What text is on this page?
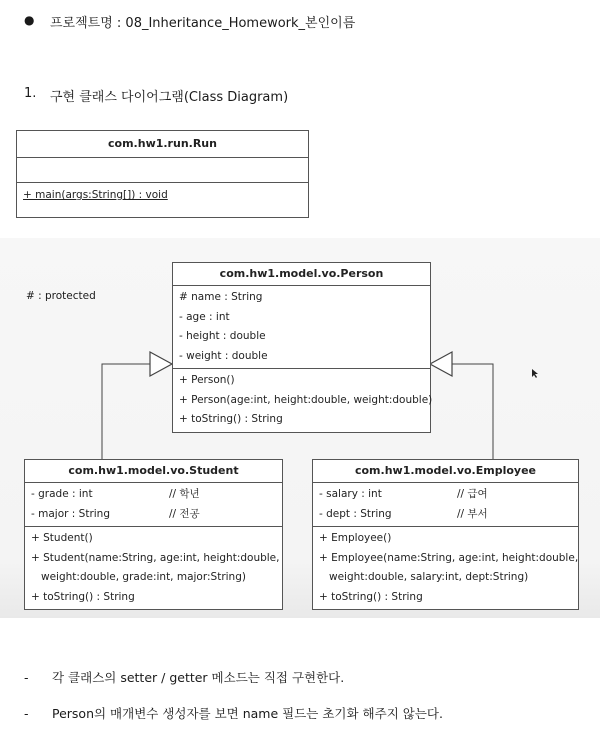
● 프로젝트명 : 08_Inheritance_Homework_본인이름
1. 구현 클래스 다이어그램(Class Diagram)
com.hw1.run.Run
+ main(args:String[]) : void
# : protected
com.hw1.model.vo.Person
# name : String
- age : int
- height : double
- weight : double
+ Person()
+ Person(age:int, height:double, weight:double)
+ toString() : String
com.hw1.model.vo.Student
- grade : int	// 학년
- major : String	// 전공
+ Student()
+ Student(name:String, age:int, height:double,
weight:double, grade:int, major:String)
+ toString() : String
com.hw1.model.vo.Employee
- salary : int	// 급여
- dept : String	// 부서
+ Employee()
+ Employee(name:String, age:int, height:double,
weight:double, salary:int, dept:String)
+ toString() : String
- 각 클래스의 setter / getter 메소드는 직접 구현한다.
- Person의 매개변수 생성자를 보면 name 필드는 초기화 해주지 않는다.
